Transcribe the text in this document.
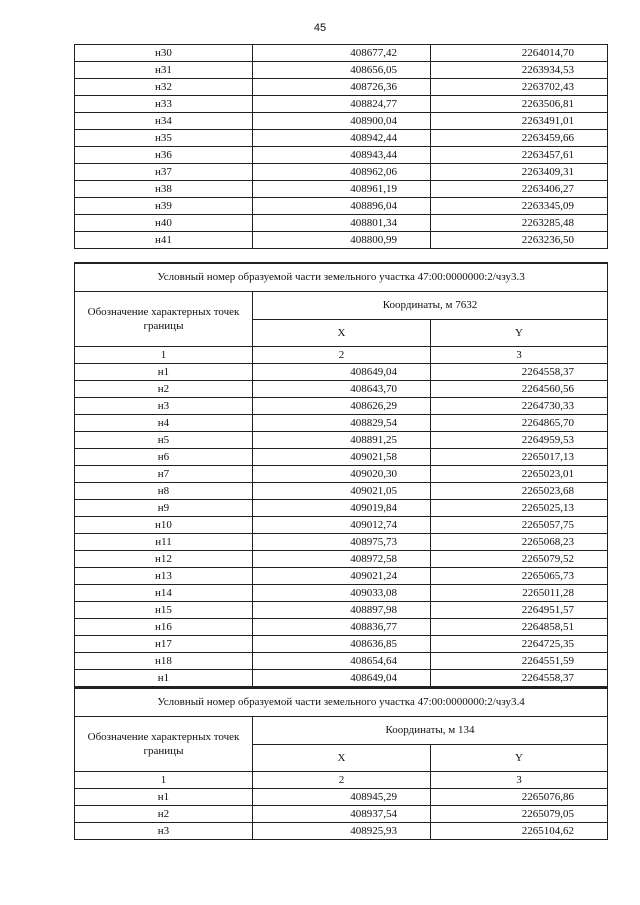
45
н30	408677,42	2264014,70
н31	408656,05	2263934,53
н32	408726,36	2263702,43
н33	408824,77	2263506,81
н34	408900,04	2263491,01
н35	408942,44	2263459,66
н36	408943,44	2263457,61
н37	408962,06	2263409,31
н38	408961,19	2263406,27
н39	408896,04	2263345,09
н40	408801,34	2263285,48
н41	408800,99	2263236,50
Условный номер образуемой части земельного участка 47:00:0000000:2/чзу3.3		
Обозначение характерных точек границы	Координаты, м 7632	
	X	Y
1	2	3
н1	408649,04	2264558,37
н2	408643,70	2264560,56
н3	408626,29	2264730,33
н4	408829,54	2264865,70
н5	408891,25	2264959,53
н6	409021,58	2265017,13
н7	409020,30	2265023,01
н8	409021,05	2265023,68
н9	409019,84	2265025,13
н10	409012,74	2265057,75
н11	408975,73	2265068,23
н12	408972,58	2265079,52
н13	409021,24	2265065,73
н14	409033,08	2265011,28
н15	408897,98	2264951,57
н16	408836,77	2264858,51
н17	408636,85	2264725,35
н18	408654,64	2264551,59
н1	408649,04	2264558,37
Условный номер образуемой части земельного участка 47:00:0000000:2/чзу3.4		
Обозначение характерных точек границы	Координаты, м 134	
	X	Y
1	2	3
н1	408945,29	2265076,86
н2	408937,54	2265079,05
н3	408925,93	2265104,62
